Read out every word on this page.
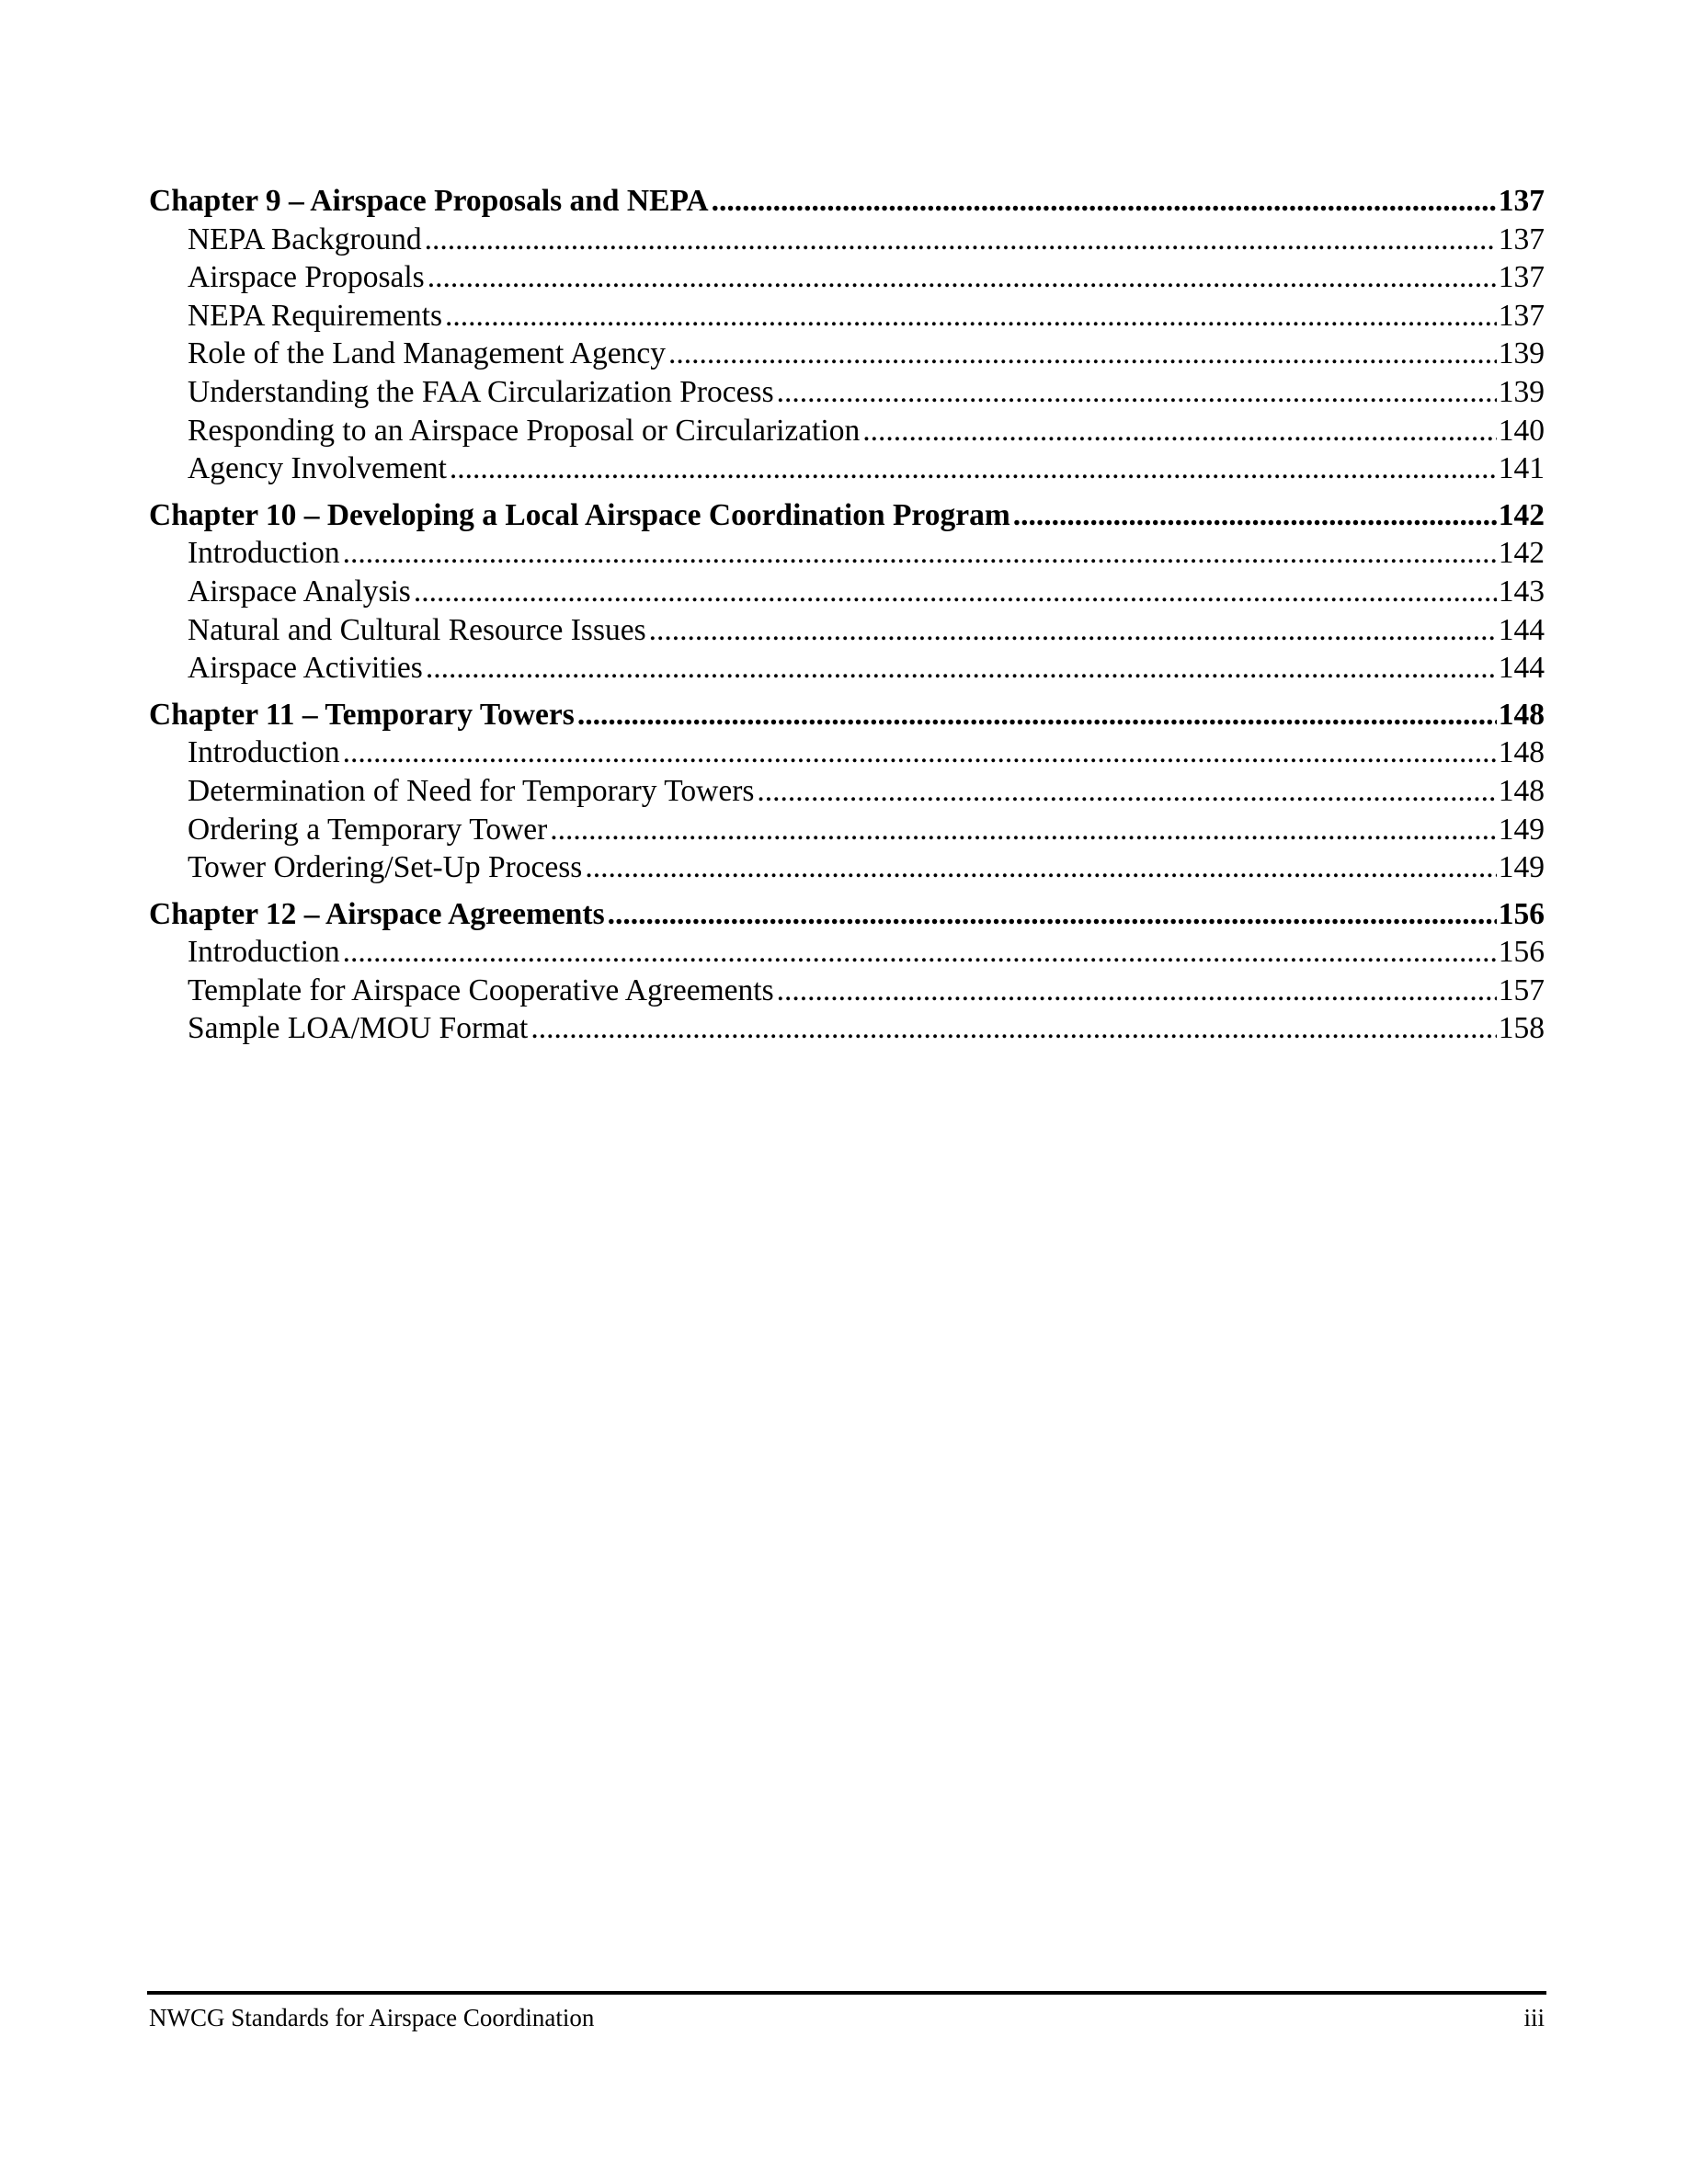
Chapter 9 – Airspace Proposals and NEPA .....	137
NEPA Background .....	137
Airspace Proposals .....	137
NEPA Requirements .....	137
Role of the Land Management Agency .....	139
Understanding the FAA Circularization Process .....	139
Responding to an Airspace Proposal or Circularization .....	140
Agency Involvement .....	141
Chapter 10 – Developing a Local Airspace Coordination Program .....	142
Introduction .....	142
Airspace Analysis .....	143
Natural and Cultural Resource Issues .....	144
Airspace Activities .....	144
Chapter 11 – Temporary Towers .....	148
Introduction .....	148
Determination of Need for Temporary Towers .....	148
Ordering a Temporary Tower .....	149
Tower Ordering/Set-Up Process .....	149
Chapter 12 – Airspace Agreements .....	156
Introduction .....	156
Template for Airspace Cooperative Agreements .....	157
Sample LOA/MOU Format .....	158
NWCG Standards for Airspace Coordination	iii
